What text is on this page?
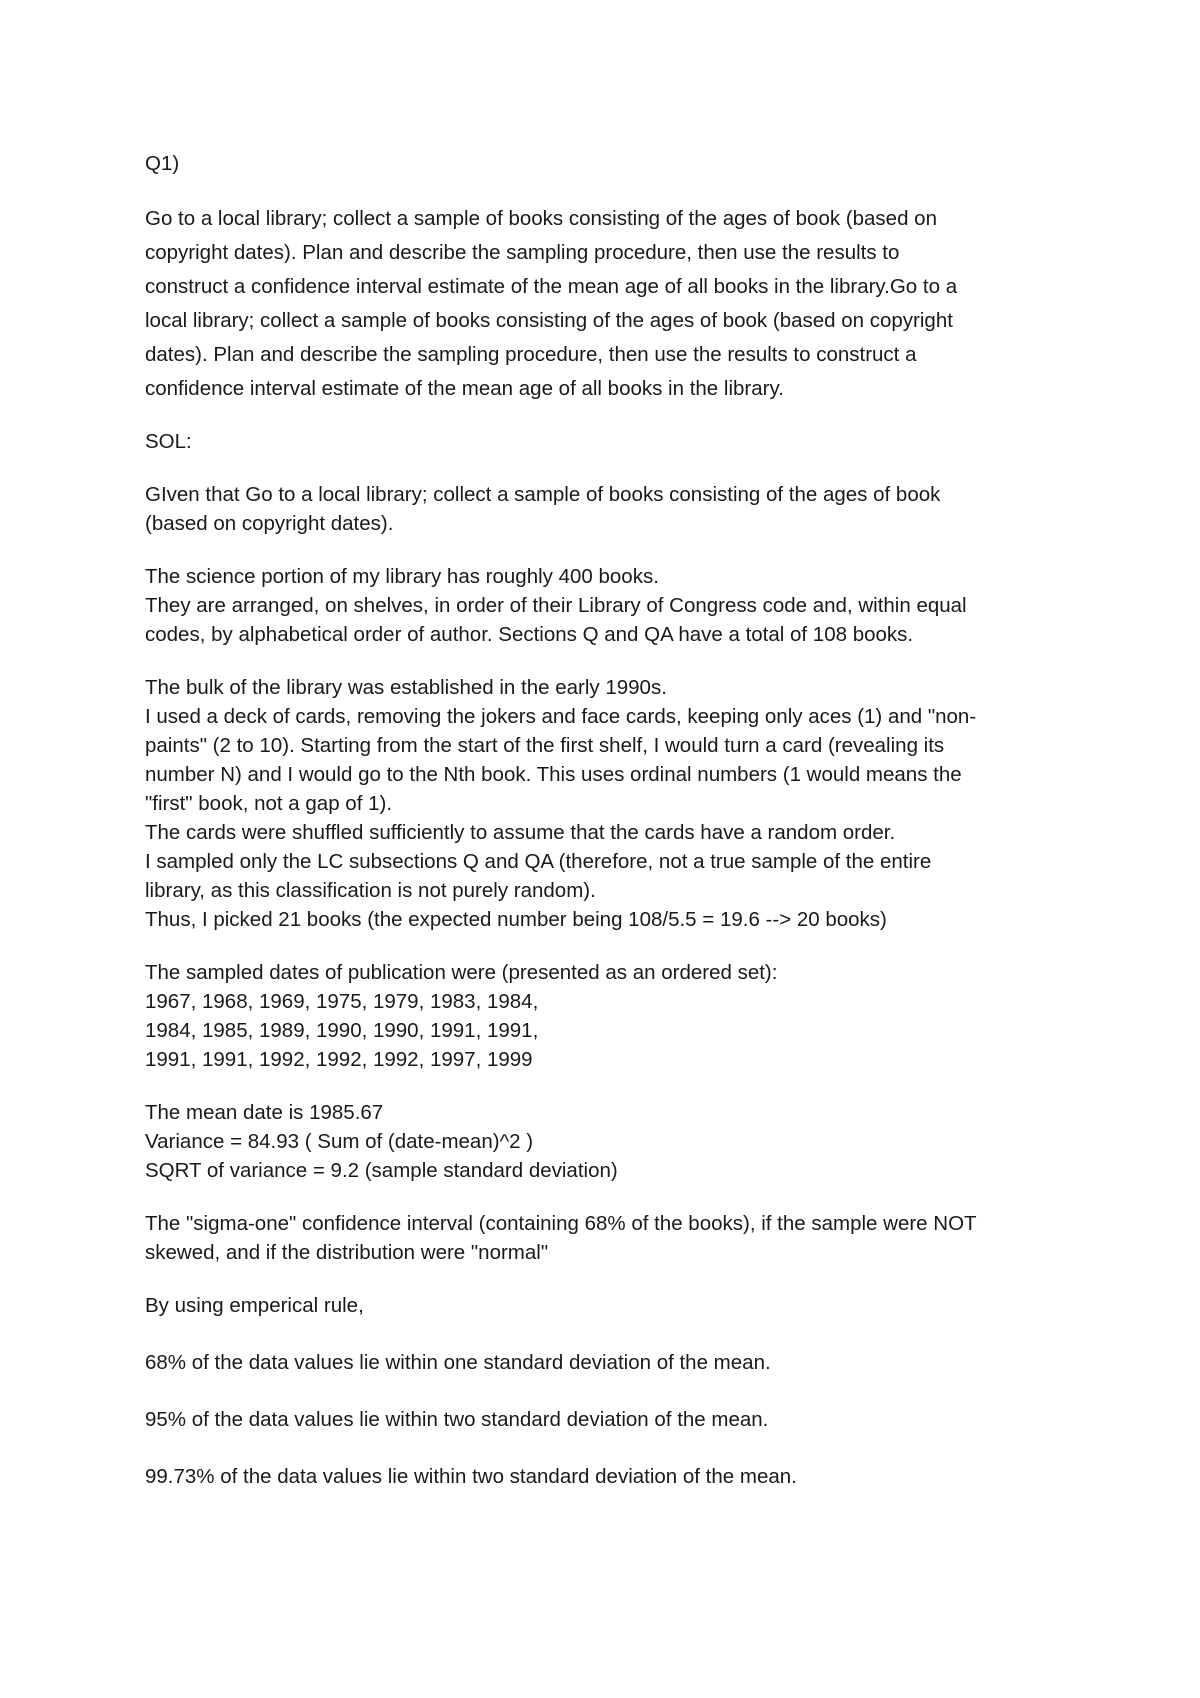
Q1)
Go to a local library; collect a sample of books consisting of the ages of book (based on
copyright dates). Plan and describe the sampling procedure, then use the results to
construct a confidence interval estimate of the mean age of all books in the library.Go to a
local library; collect a sample of books consisting of the ages of book (based on copyright
dates). Plan and describe the sampling procedure, then use the results to construct a
confidence interval estimate of the mean age of all books in the library.
SOL:
GIven that Go to a local library; collect a sample of books consisting of the ages of book
(based on copyright dates).
The science portion of my library has roughly 400 books.
They are arranged, on shelves, in order of their Library of Congress code and, within equal
codes, by alphabetical order of author. Sections Q and QA have a total of 108 books.
The bulk of the library was established in the early 1990s.
I used a deck of cards, removing the jokers and face cards, keeping only aces (1) and "non-
paints" (2 to 10). Starting from the start of the first shelf, I would turn a card (revealing its
number N) and I would go to the Nth book. This uses ordinal numbers (1 would means the
"first" book, not a gap of 1).
The cards were shuffled sufficiently to assume that the cards have a random order.
I sampled only the LC subsections Q and QA (therefore, not a true sample of the entire
library, as this classification is not purely random).
Thus, I picked 21 books (the expected number being 108/5.5 = 19.6 --> 20 books)
The sampled dates of publication were (presented as an ordered set):
1967, 1968, 1969, 1975, 1979, 1983, 1984,
1984, 1985, 1989, 1990, 1990, 1991, 1991,
1991, 1991, 1992, 1992, 1992, 1997, 1999
The mean date is 1985.67
Variance = 84.93 ( Sum of (date-mean)^2 )
SQRT of variance = 9.2 (sample standard deviation)
The "sigma-one" confidence interval (containing 68% of the books), if the sample were NOT
skewed, and if the distribution were "normal"
By using emperical rule,
68% of the data values lie within one standard deviation of the mean.
95% of the data values lie within two standard deviation of the mean.
99.73% of the data values lie within two standard deviation of the mean.
